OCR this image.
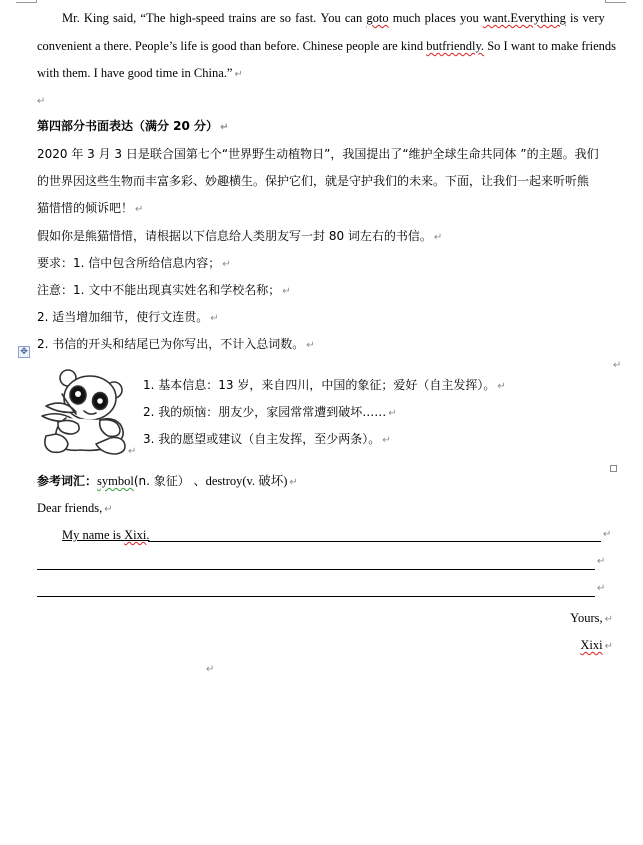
Mr. King said, “The high-speed trains are so fast. You can goto much places you want.Everything is very
convenient a there. People’s life is good than before. Chinese people are kind butfriendly. So I want to make friends
with them. I have good time in China.” ↵
↵
第四部分书面表达（满分 20 分） ↵
2020 年 3 月 3 日是联合国第七个“世界野生动植物日”，我国提出了“维护全球生命共同体 ”的主题。我们
的世界因这些生物而丰富多彩、妙趣横生。保护它们，就是守护我们的未来。下面，让我们一起来听听熊
猫惜惜的倾诉吧！ ↵
假如你是熊猫惜惜，请根据以下信息给人类朋友写一封 80 词左右的书信。 ↵
要求：1. 信中包含所给信息内容； ↵
注意：1. 文中不能出现真实姓名和学校名称； ↵
2. 适当增加细节，使行文连贯。 ↵
✥
2. 书信的开头和结尾已为你写出，不计入总词数。 ↵
↵
↵
1. 基本信息：13 岁，来自四川，中国的象征；爱好（自主发挥）。 ↵
2. 我的烦恼：朋友少，家园常常遭到破坏…… ↵
3. 我的愿望或建议（自主发挥，至少两条）。 ↵
参考词汇：symbol(n. 象征） 、destroy(v. 破坏) ↵
Dear friends, ↵
My name is Xixi.	↵
↵
↵
Yours, ↵
Xixi ↵
↵
